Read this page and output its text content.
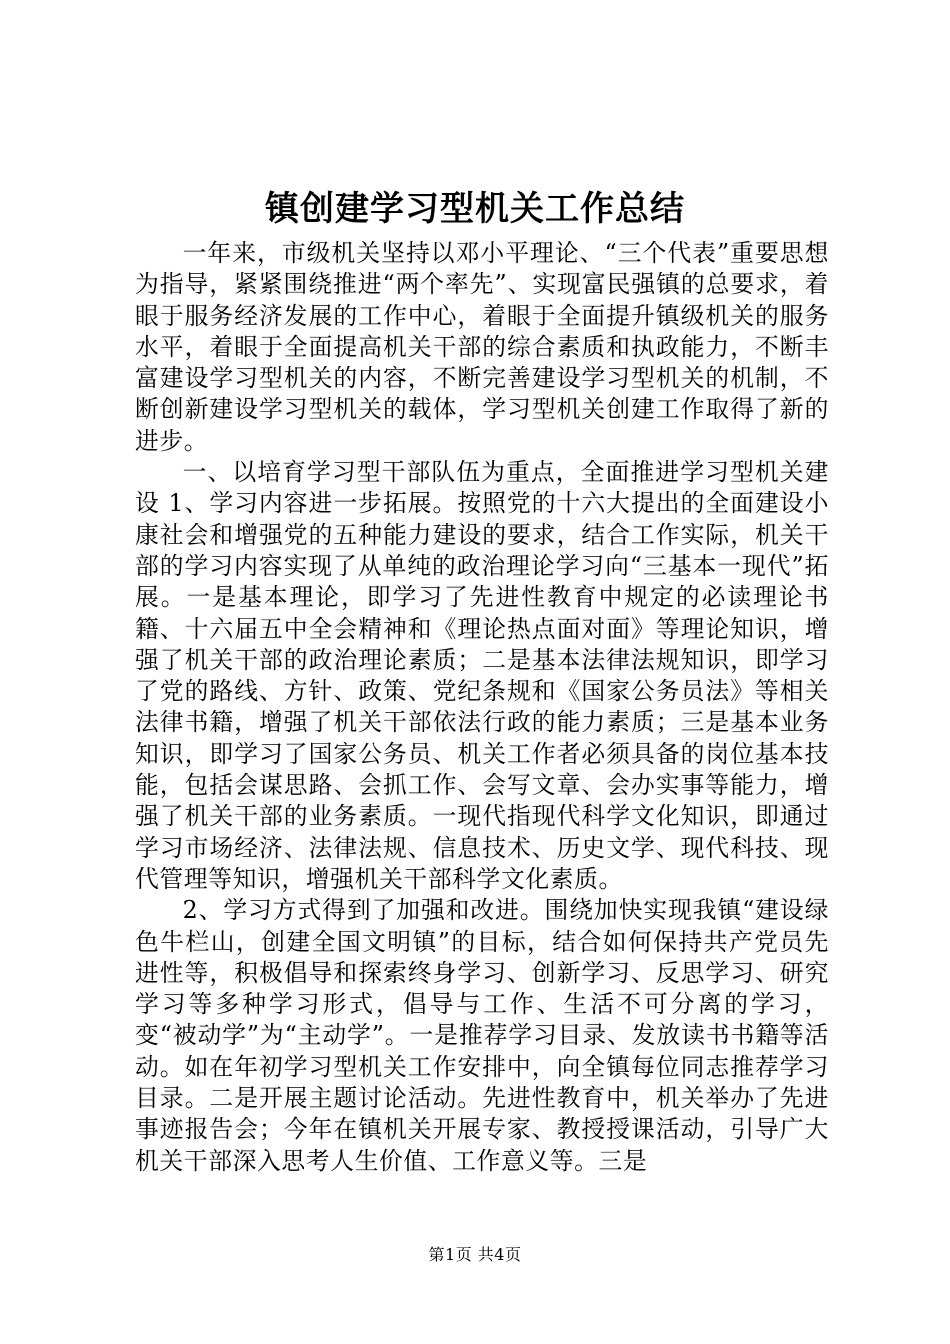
镇创建学习型机关工作总结

一年来，市级机关坚持以邓小平理论、“三个代表”重要思想为指导，紧紧围绕推进“两个率先”、实现富民强镇的总要求，着眼于服务经济发展的工作中心，着眼于全面提升镇级机关的服务水平，着眼于全面提高机关干部的综合素质和执政能力，不断丰富建设学习型机关的内容，不断完善建设学习型机关的机制，不断创新建设学习型机关的载体，学习型机关创建工作取得了新的进步。

一、以培育学习型干部队伍为重点，全面推进学习型机关建设 1、学习内容进一步拓展。按照党的十六大提出的全面建设小康社会和增强党的五种能力建设的要求，结合工作实际，机关干部的学习内容实现了从单纯的政治理论学习向“三基本一现代”拓展。一是基本理论，即学习了先进性教育中规定的必读理论书籍、十六届五中全会精神和《理论热点面对面》等理论知识，增强了机关干部的政治理论素质；二是基本法律法规知识，即学习了党的路线、方针、政策、党纪条规和《国家公务员法》等相关法律书籍，增强了机关干部依法行政的能力素质；三是基本业务知识，即学习了国家公务员、机关工作者必须具备的岗位基本技能，包括会谋思路、会抓工作、会写文章、会办实事等能力，增强了机关干部的业务素质。一现代指现代科学文化知识，即通过学习市场经济、法律法规、信息技术、历史文学、现代科技、现代管理等知识，增强机关干部科学文化素质。

2、学习方式得到了加强和改进。围绕加快实现我镇“建设绿色牛栏山，创建全国文明镇”的目标，结合如何保持共产党员先进性等，积极倡导和探索终身学习、创新学习、反思学习、研究学习等多种学习形式，倡导与工作、生活不可分离的学习，变“被动学”为“主动学”。一是推荐学习目录、发放读书书籍等活动。如在年初学习型机关工作安排中，向全镇每位同志推荐学习目录。二是开展主题讨论活动。先进性教育中，机关举办了先进事迹报告会；今年在镇机关开展专家、教授授课活动，引导广大机关干部深入思考人生价值、工作意义等。三是

第1页 共4页
